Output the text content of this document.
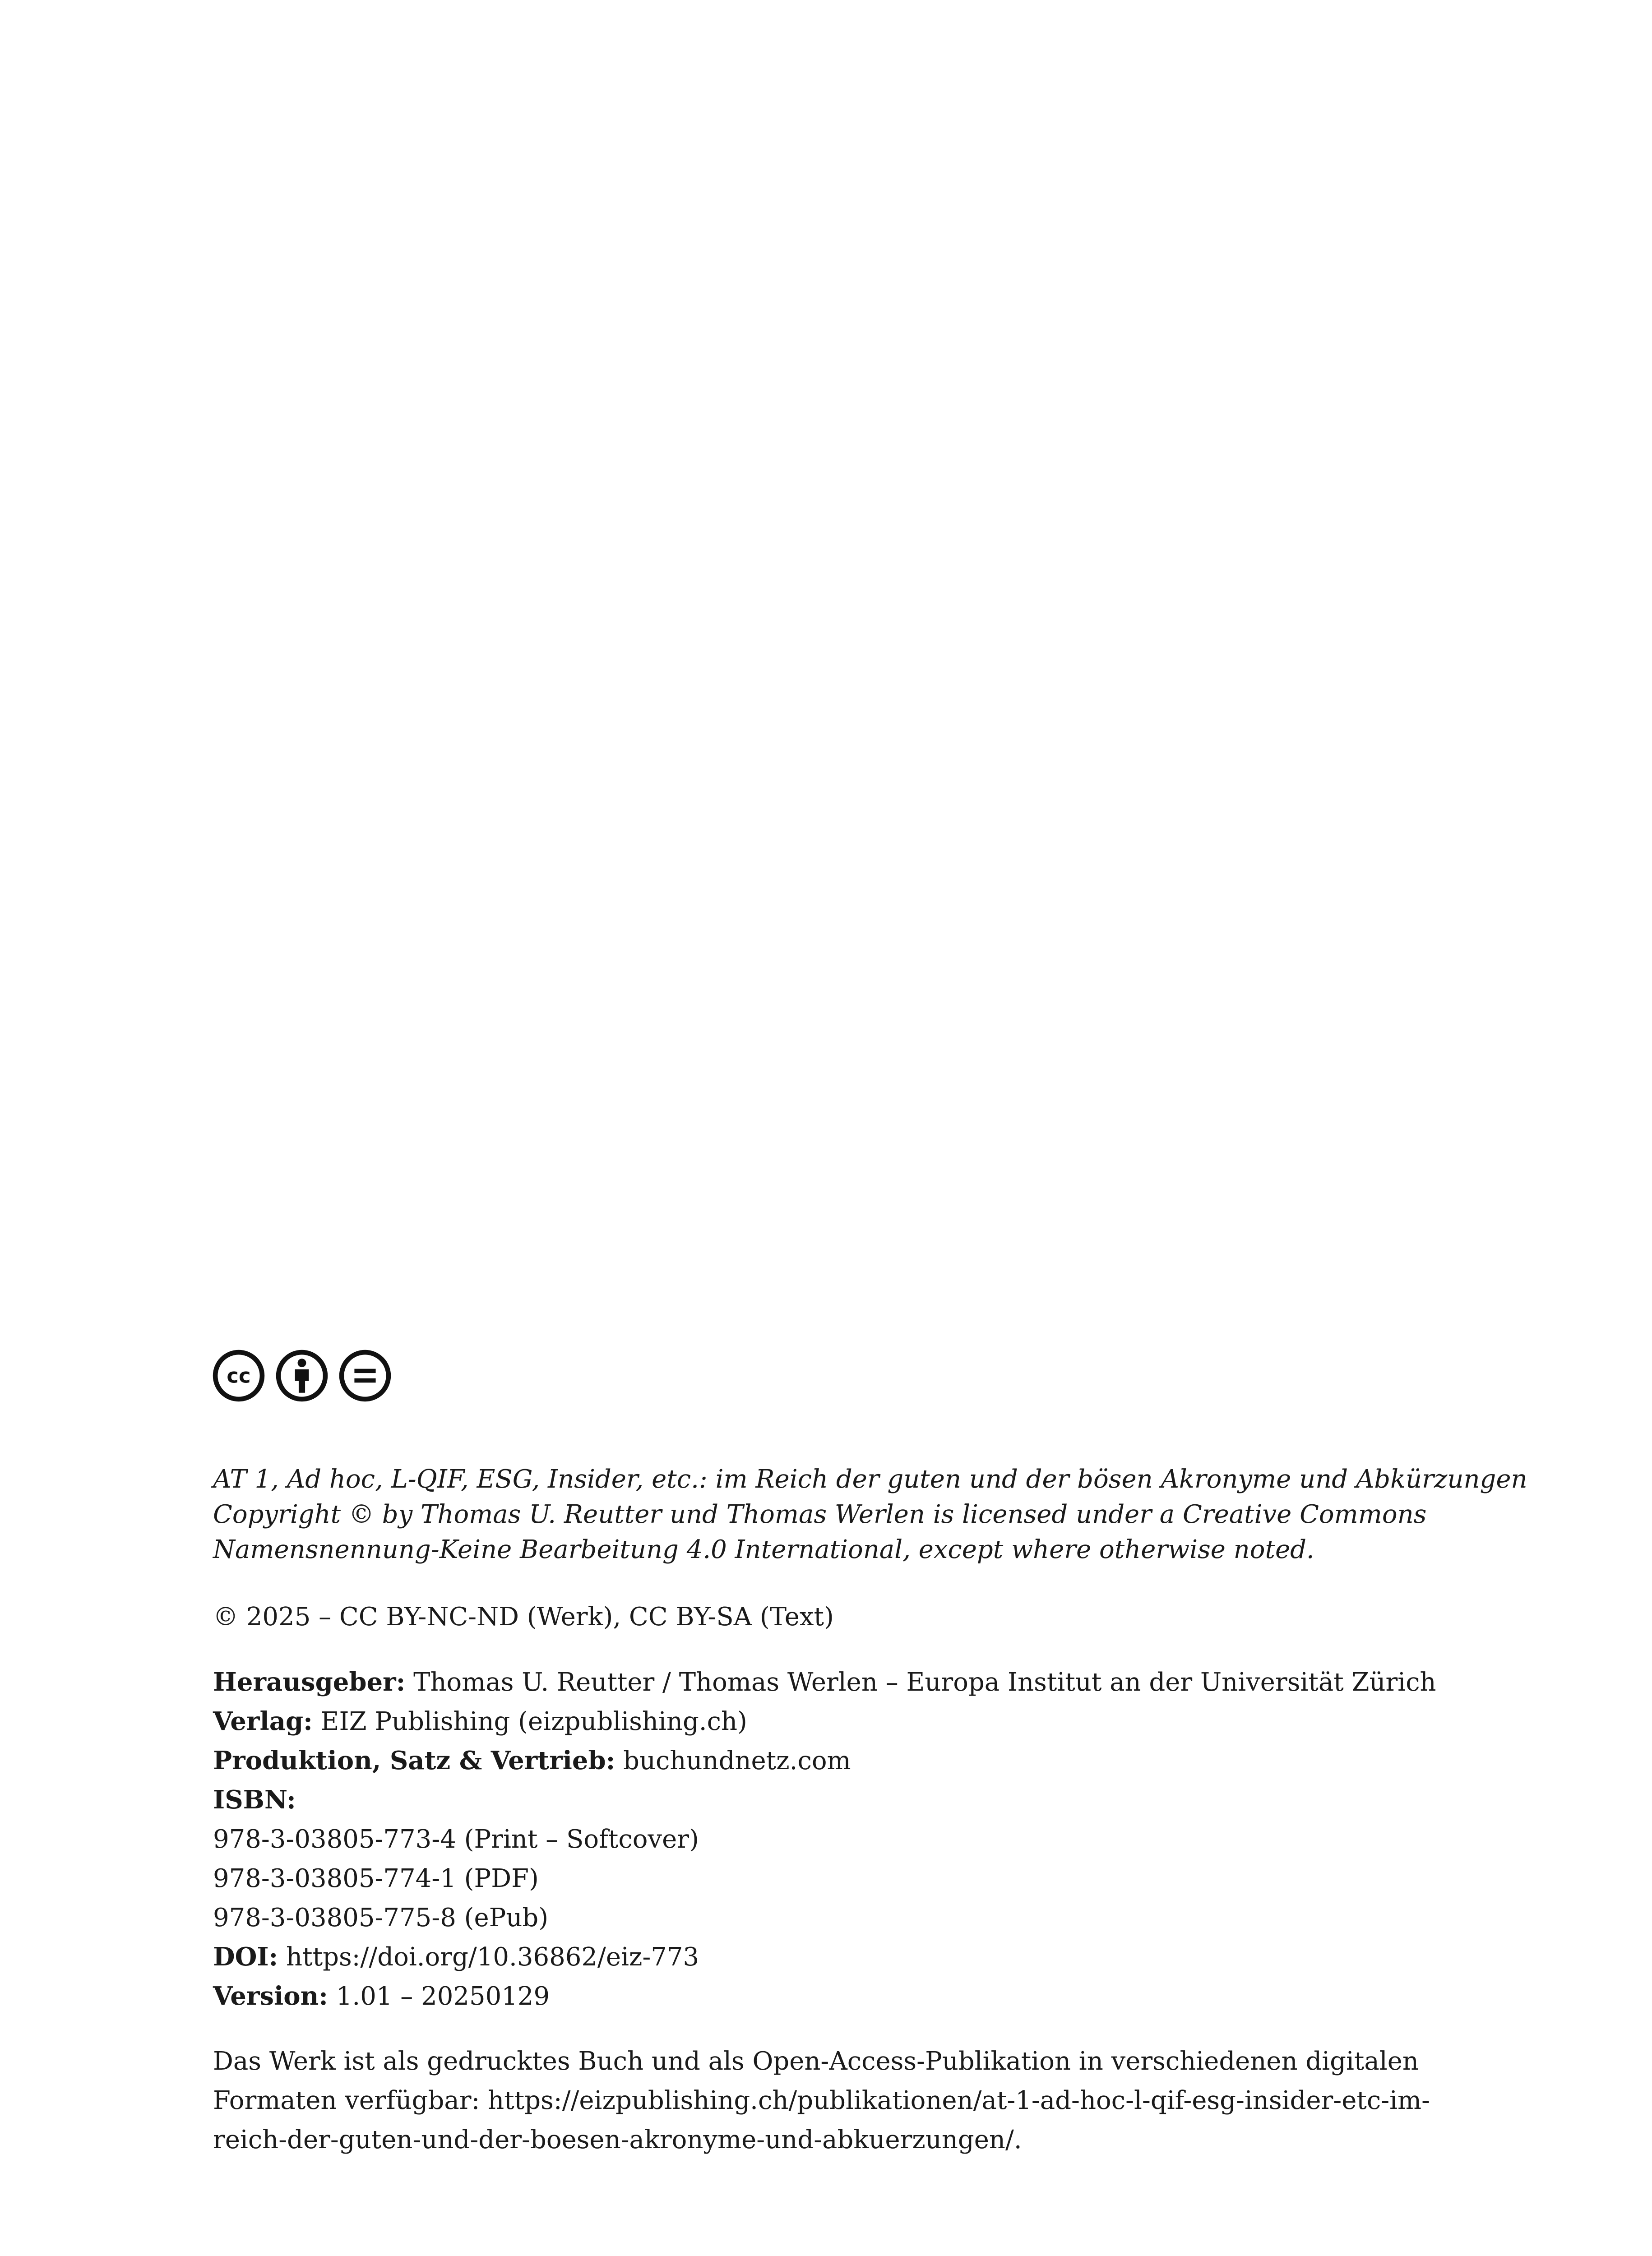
cc
AT 1, Ad hoc, L-QIF, ESG, Insider, etc.: im Reich der guten und der bösen Akronyme und Abkürzungen
Copyright © by Thomas U. Reutter und Thomas Werlen is licensed under a Creative Commons
Namensnennung-Keine Bearbeitung 4.0 International, except where otherwise noted.
© 2025 – CC BY-NC-ND (Werk), CC BY-SA (Text)
Herausgeber: Thomas U. Reutter / Thomas Werlen – Europa Institut an der Universität Zürich
Verlag: EIZ Publishing (eizpublishing.ch)
Produktion, Satz & Vertrieb: buchundnetz.com
ISBN:
978-3-03805-773-4 (Print – Softcover)
978-3-03805-774-1 (PDF)
978-3-03805-775-8 (ePub)
DOI: https://doi.org/10.36862/eiz-773
Version: 1.01 – 20250129
Das Werk ist als gedrucktes Buch und als Open-Access-Publikation in verschiedenen digitalen
Formaten verfügbar: https://eizpublishing.ch/publikationen/at-1-ad-hoc-l-qif-esg-insider-etc-im-
reich-der-guten-und-der-boesen-akronyme-und-abkuerzungen/.
